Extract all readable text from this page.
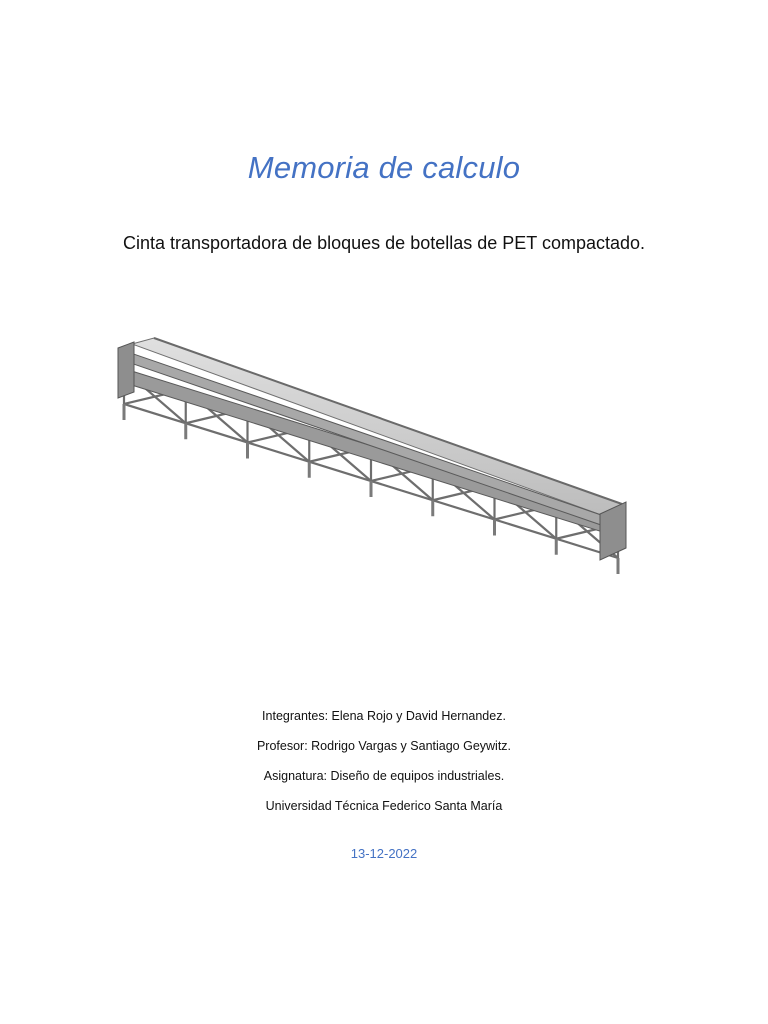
Memoria de calculo
Cinta transportadora de bloques de botellas de PET compactado.
Integrantes: Elena Rojo y David Hernandez.
Profesor: Rodrigo Vargas y Santiago Geywitz.
Asignatura: Diseño de equipos industriales.
Universidad Técnica Federico Santa María
13-12-2022
